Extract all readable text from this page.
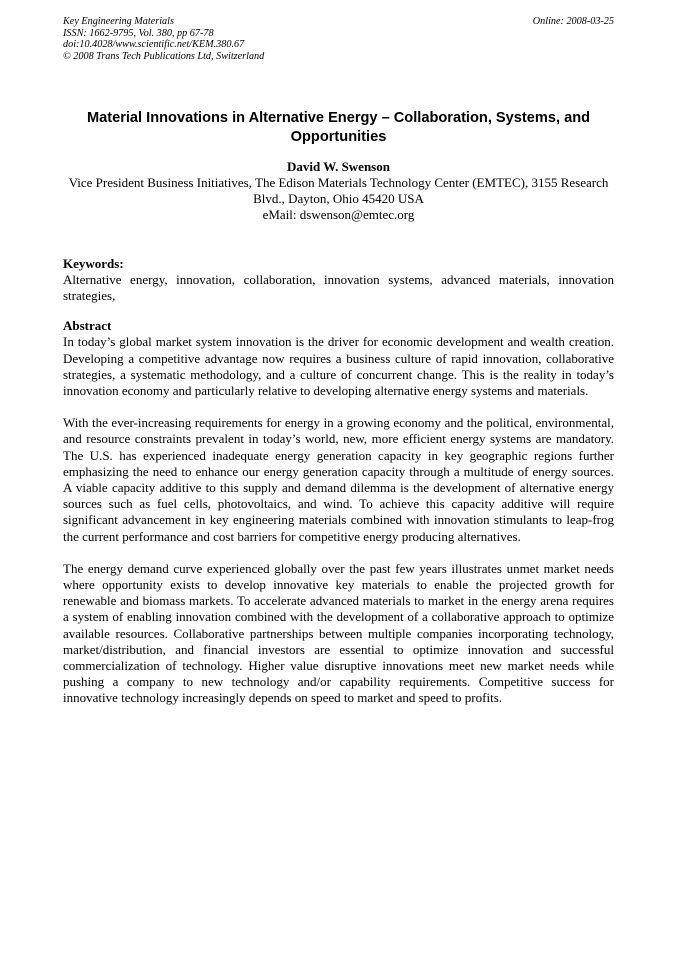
Key Engineering Materials
ISSN: 1662-9795, Vol. 380, pp 67-78
doi:10.4028/www.scientific.net/KEM.380.67
© 2008 Trans Tech Publications Ltd, Switzerland
Online: 2008-03-25
Material Innovations in Alternative Energy – Collaboration, Systems, and Opportunities
David W. Swenson
Vice President Business Initiatives, The Edison Materials Technology Center (EMTEC), 3155 Research Blvd., Dayton, Ohio 45420 USA
eMail: dswenson@emtec.org
Keywords:

Alternative energy, innovation, collaboration, innovation systems, advanced materials, innovation strategies,

Abstract

In today’s global market system innovation is the driver for economic development and wealth creation. Developing a competitive advantage now requires a business culture of rapid innovation, collaborative strategies, a systematic methodology, and a culture of concurrent change. This is the reality in today’s innovation economy and particularly relative to developing alternative energy systems and materials.

With the ever-increasing requirements for energy in a growing economy and the political, environmental, and resource constraints prevalent in today’s world, new, more efficient energy systems are mandatory. The U.S. has experienced inadequate energy generation capacity in key geographic regions further emphasizing the need to enhance our energy generation capacity through a multitude of energy sources. A viable capacity additive to this supply and demand dilemma is the development of alternative energy sources such as fuel cells, photovoltaics, and wind. To achieve this capacity additive will require significant advancement in key engineering materials combined with innovation stimulants to leap-frog the current performance and cost barriers for competitive energy producing alternatives.

The energy demand curve experienced globally over the past few years illustrates unmet market needs where opportunity exists to develop innovative key materials to enable the projected growth for renewable and biomass markets. To accelerate advanced materials to market in the energy arena requires a system of enabling innovation combined with the development of a collaborative approach to optimize available resources. Collaborative partnerships between multiple companies incorporating technology, market/distribution, and financial investors are essential to optimize innovation and successful commercialization of technology. Higher value disruptive innovations meet new market needs while pushing a company to new technology and/or capability requirements. Competitive success for innovative technology increasingly depends on speed to market and speed to profits.
